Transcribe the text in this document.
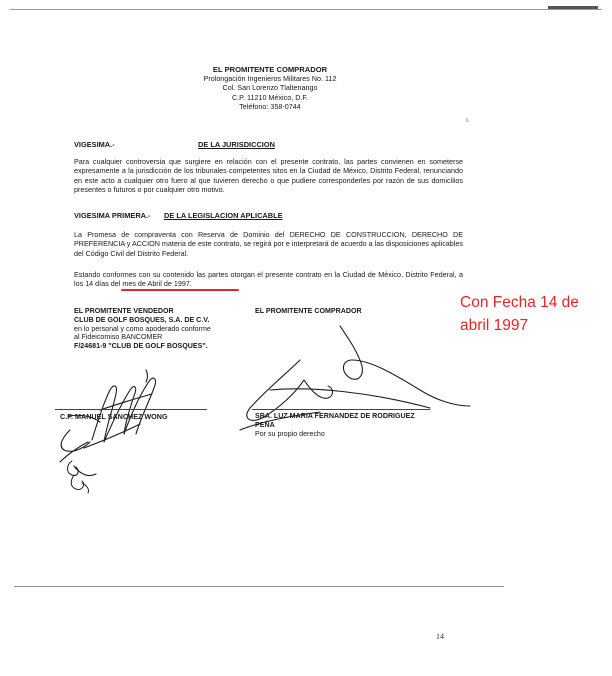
EL PROMITENTE COMPRADOR
Prolongación Ingenieros Militares No. 112
Col. San Lorenzo Tlaltenango
C.P. 11210 México, D.F.
Teléfono: 358-0744
ı.
VIGESIMA.-	DE LA JURISDICCION
Para cualquier controversia que surgiere en relación con el presente contrato, las partes convienen en someterse expresamente a la jurisdicción de los tribunales competentes sitos en la Ciudad de México, Distrito Federal, renunciando en este acto a cualquier otro fuero al que tuvieren derecho o que pudiere corresponderles por razón de sus domicilios presentes o futuros o por cualquier otro motivo.
VIGESIMA PRIMERA.- DE LA LEGISLACION APLICABLE
La Promesa de compraventa con Reserva de Dominio del DERECHO DE CONSTRUCCION, DERECHO DE PREFERENCIA y ACCION materia de este contrato, se regirá por e interpretará de acuerdo a las disposiciones aplicables del Código Civil del Distrito Federal.
Estando conformes con su contenido las partes otorgan el presente contrato en la Ciudad de México, Distrito Federal, a los 14 días del mes de Abril de 1997.
EL PROMITENTE VENDEDOR
CLUB DE GOLF BOSQUES, S.A. DE C.V.
en lo personal y como apoderado conforme
al Fideicomiso BANCOMER
F/24681-9 "CLUB DE GOLF BOSQUES".
EL PROMITENTE COMPRADOR
C.P. MANUEL SANCHEZ WONG	SRA. LUZ MARIA FERNANDEZ DE RODRIGUEZ
PEÑA
Por su propio derecho
Con Fecha 14 de abril 1997
14
